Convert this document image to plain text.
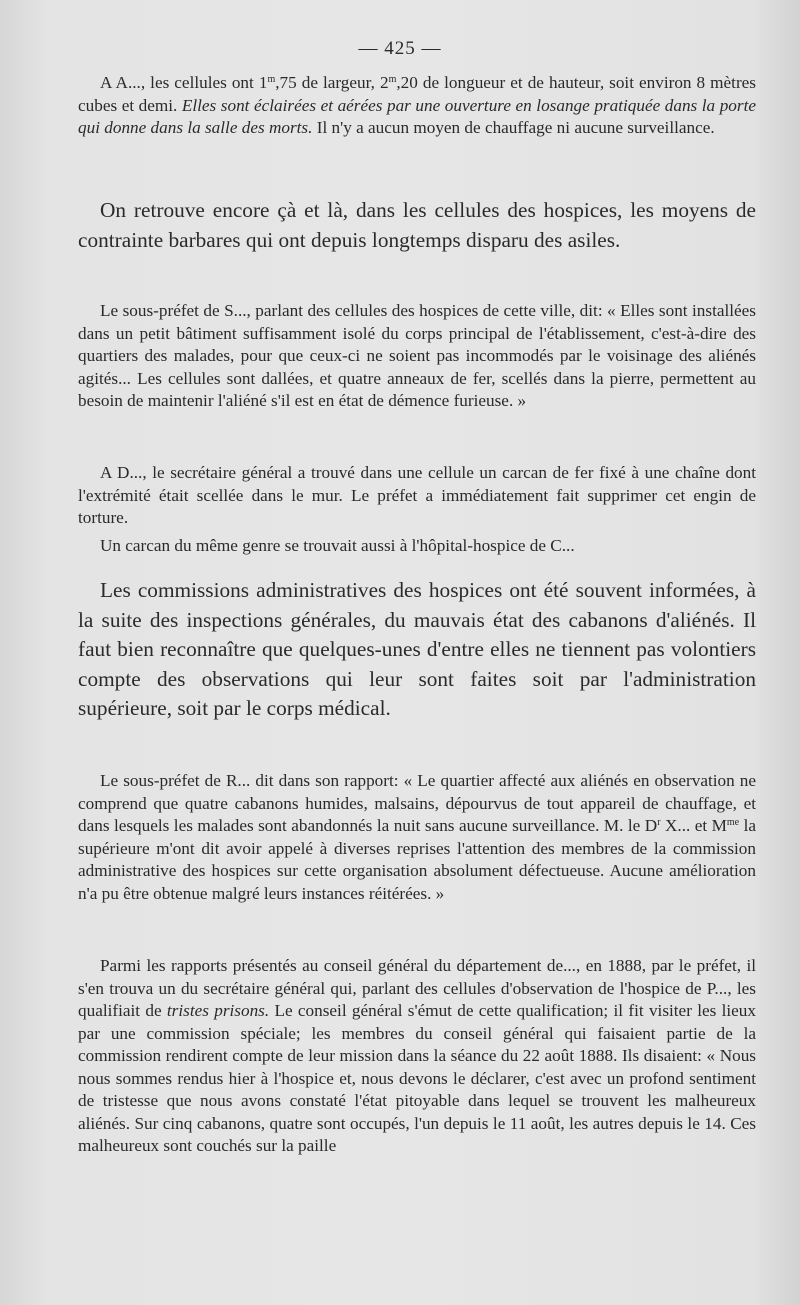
— 425 —

A A..., les cellules ont 1$^m$,75 de largeur, 2$^m$,20 de longueur et de hauteur, soit environ 8 mètres cubes et demi. Elles sont éclairées et aérées par une ouverture en losange pratiquée dans la porte qui donne dans la salle des morts. Il n'y a aucun moyen de chauffage ni aucune surveillance.

On retrouve encore çà et là, dans les cellules des hospices, les moyens de contrainte barbares qui ont depuis longtemps disparu des asiles.

Le sous-préfet de S..., parlant des cellules des hospices de cette ville, dit: « Elles sont installées dans un petit bâtiment suffisamment isolé du corps principal de l'établissement, c'est-à-dire des quartiers des malades, pour que ceux-ci ne soient pas incommodés par le voisinage des aliénés agités... Les cellules sont dallées, et quatre anneaux de fer, scellés dans la pierre, permettent au besoin de maintenir l'aliéné s'il est en état de démence furieuse. »

A D..., le secrétaire général a trouvé dans une cellule un carcan de fer fixé à une chaîne dont l'extrémité était scellée dans le mur. Le préfet a immédiatement fait supprimer cet engin de torture.

Un carcan du même genre se trouvait aussi à l'hôpital-hospice de C...

Les commissions administratives des hospices ont été souvent informées, à la suite des inspections générales, du mauvais état des cabanons d'aliénés. Il faut bien reconnaître que quelques-unes d'entre elles ne tiennent pas volontiers compte des observations qui leur sont faites soit par l'administration supérieure, soit par le corps médical.

Le sous-préfet de R... dit dans son rapport: « Le quartier affecté aux aliénés en observation ne comprend que quatre cabanons humides, malsains, dépourvus de tout appareil de chauffage, et dans lesquels les malades sont abandonnés la nuit sans aucune surveillance. M. le $D^r$ X... et $M^{me}$ la supérieure m'ont dit avoir appelé à diverses reprises l'attention des membres de la commission administrative des hospices sur cette organisation absolument défectueuse. Aucune amélioration n'a pu être obtenue malgré leurs instances réitérées. »

Parmi les rapports présentés au conseil général du département de..., en 1888, par le préfet, il s'en trouva un du secrétaire général qui, parlant des cellules d'observation de l'hospice de P..., les qualifiait de tristes prisons. Le conseil général s'émut de cette qualification; il fit visiter les lieux par une commission spéciale; les membres du conseil général qui faisaient partie de la commission rendirent compte de leur mission dans la séance du 22 août 1888. Ils disaient: « Nous nous sommes rendus hier à l'hospice et, nous devons le déclarer, c'est avec un profond sentiment de tristesse que nous avons constaté l'état pitoyable dans lequel se trouvent les malheureux aliénés. Sur cinq cabanons, quatre sont occupés, l'un depuis le 11 août, les autres depuis le 14. Ces malheureux sont couchés sur la paille
